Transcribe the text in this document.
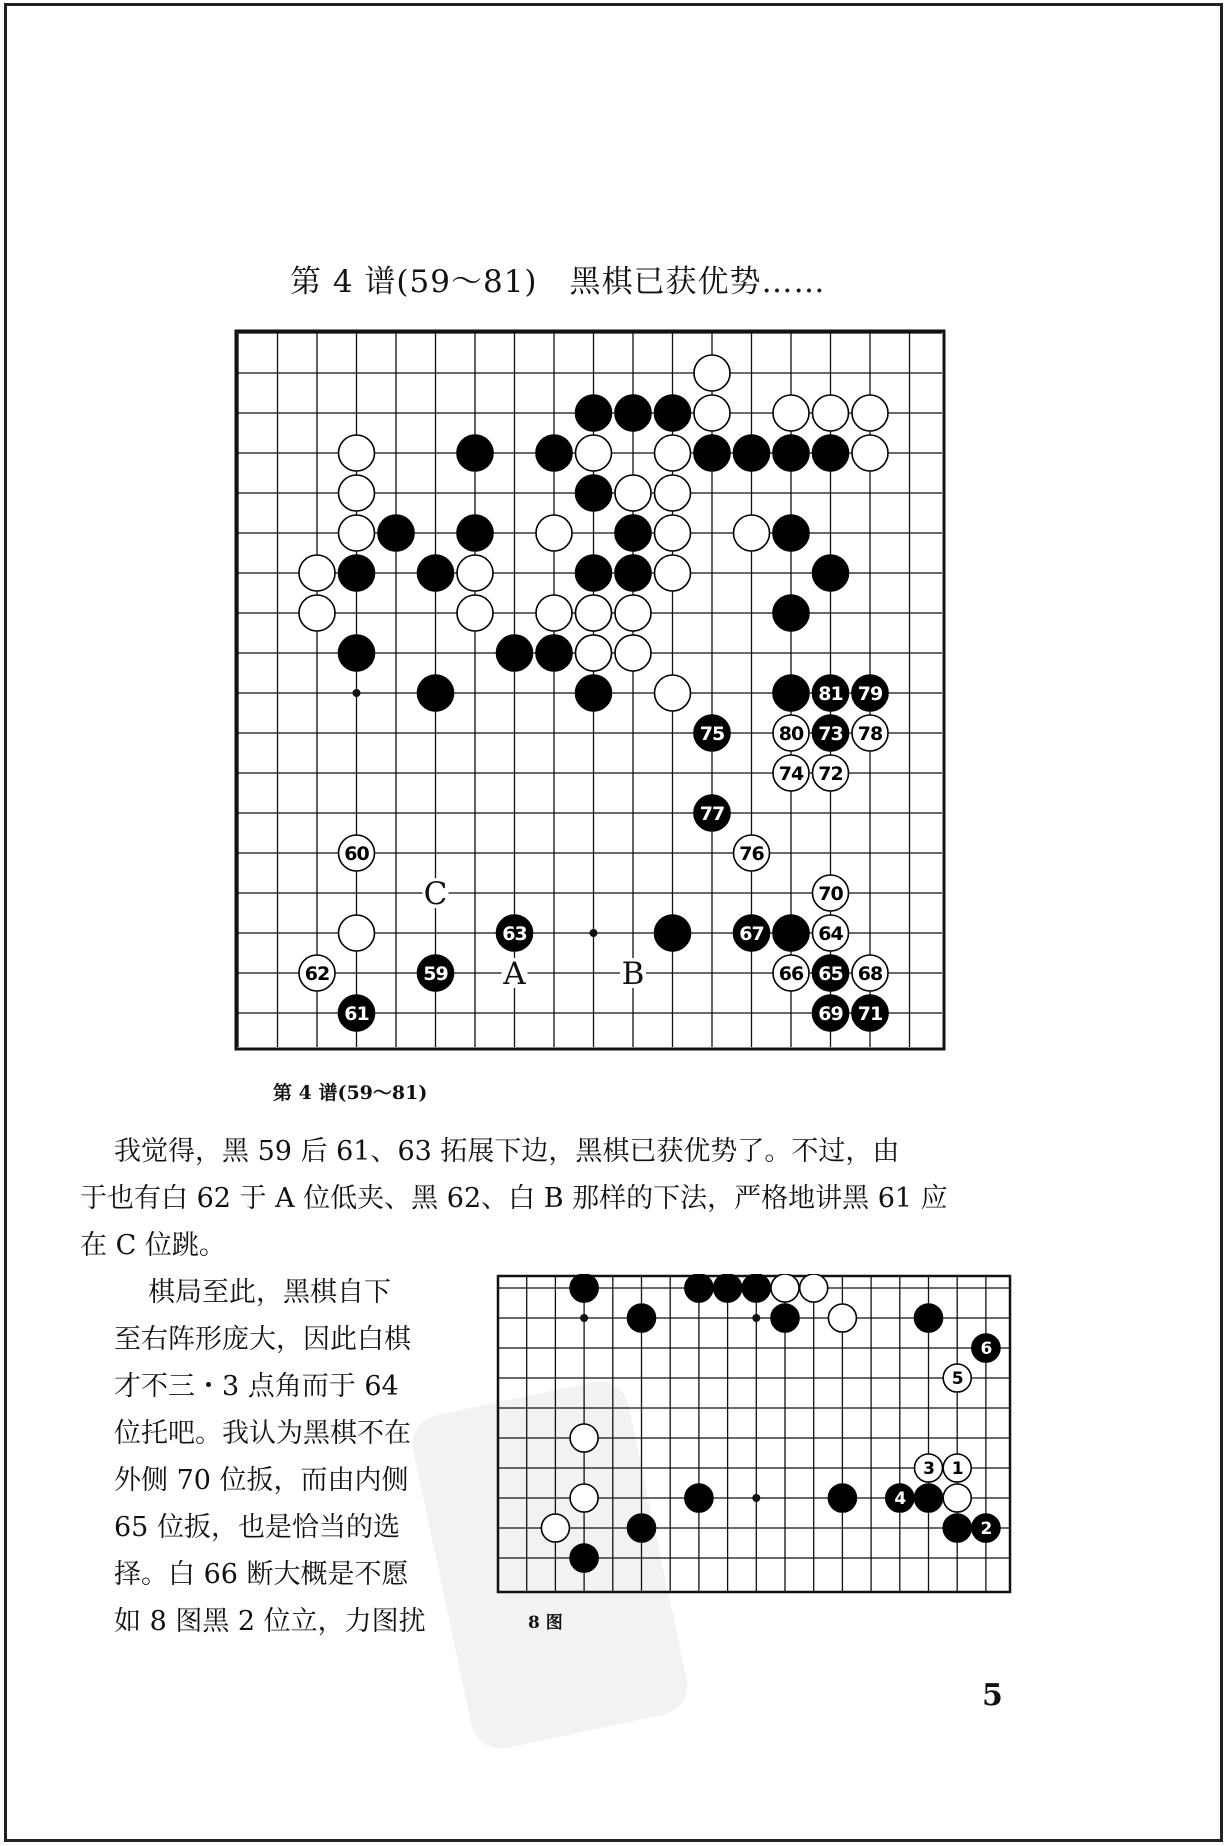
第 4 谱(59～81)　黑棋已获优势……
C
A	B
81 79
75	80 73 78
74 72
77
60	76
70
63	67	64
62	59	66 65 68
61	69 71
第 4 谱(59～81)
我觉得，黑 59 后 61、63 拓展下边，黑棋已获优势了。不过，由
于也有白 62 于 A 位低夹、黑 62、白 B 那样的下法，严格地讲黑 61 应
在 C 位跳。
棋局至此，黑棋自下
至右阵形庞大，因此白棋
才不三・3 点角而于 64
位托吧。我认为黑棋不在
外侧 70 位扳，而由内侧
65 位扳，也是恰当的选
择。白 66 断大概是不愿
如 8 图黑 2 位立，力图扰
6
5
3 1
4
2
8 图
5
